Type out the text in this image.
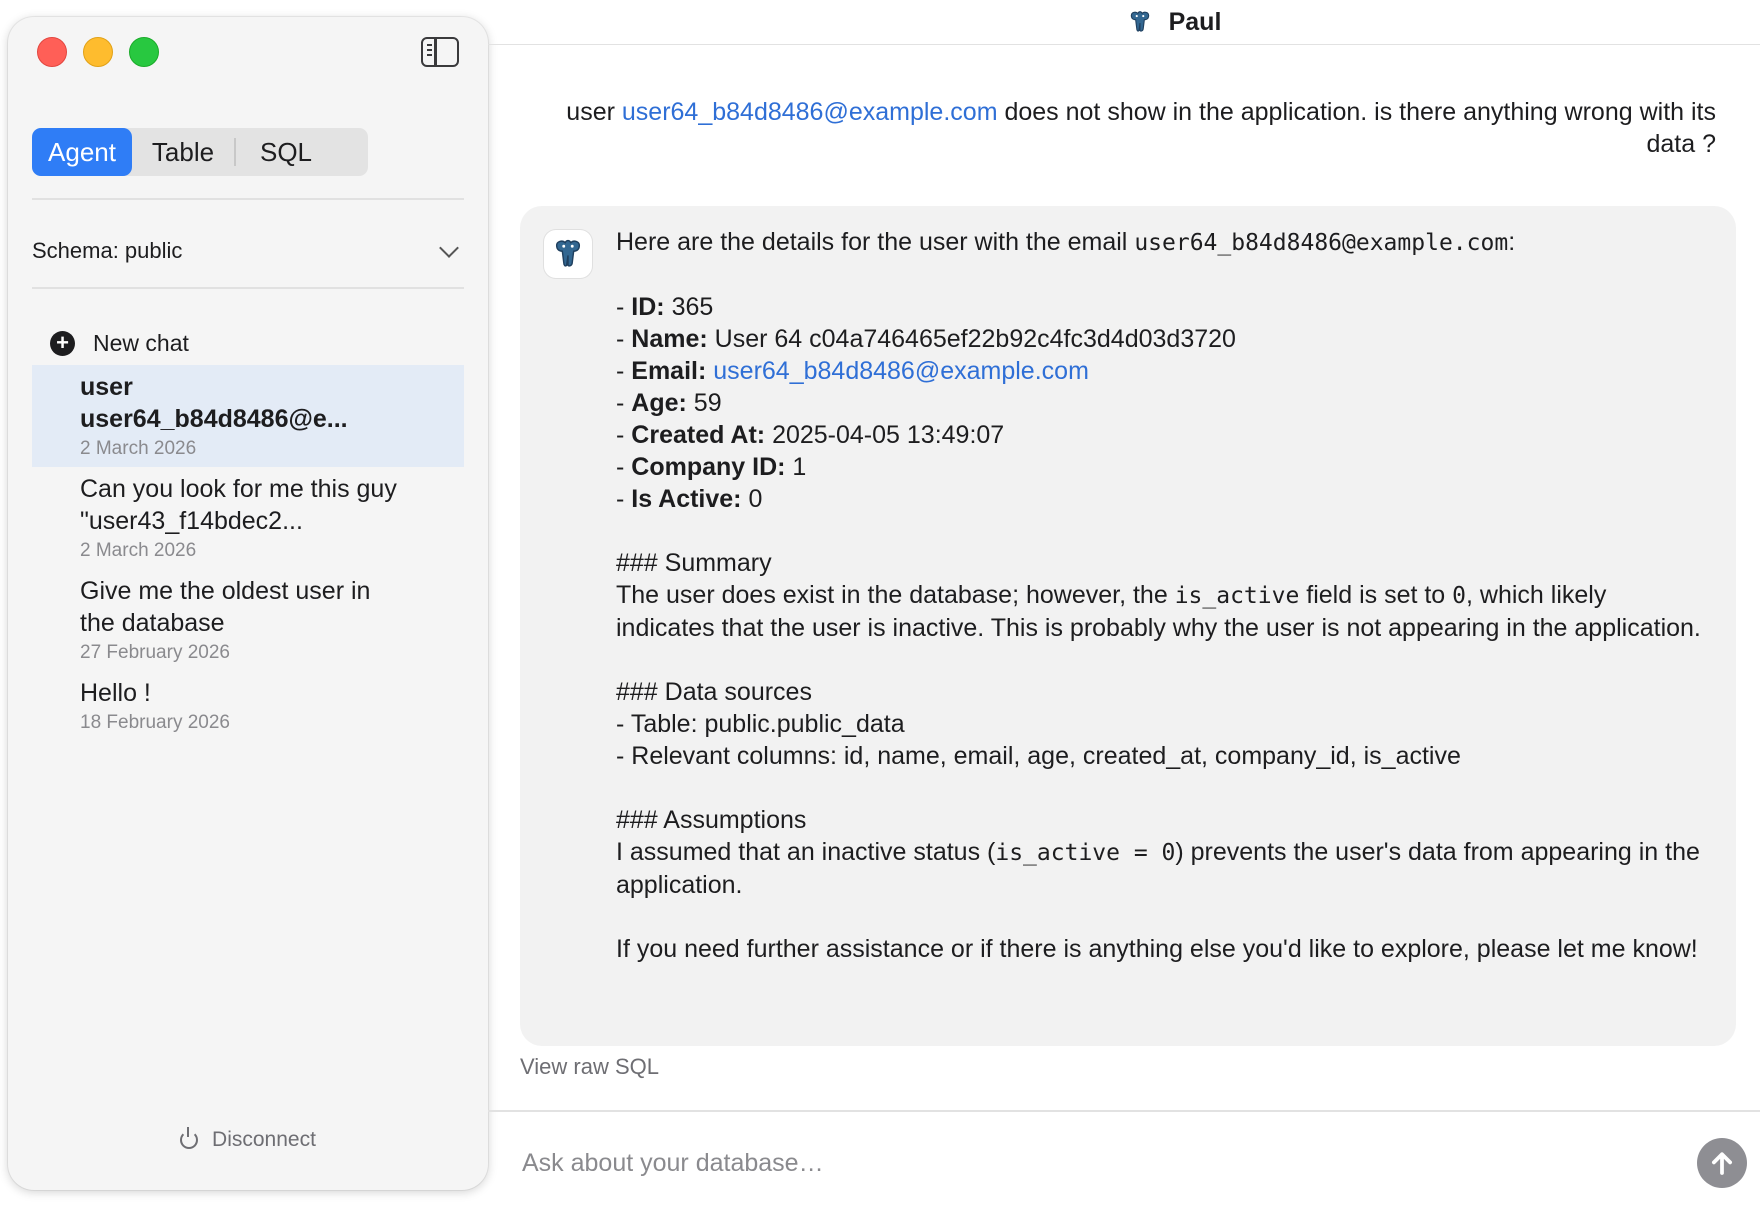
Agent	Table	SQL
Schema: public
+ New chat
user user64_b84d8486@e...
2 March 2026
Can you look for me this guy "user43_f14bdec2...
2 March 2026
Give me the oldest user in the database
27 February 2026
Hello !
18 February 2026
Disconnect
Paul
user user64_b84d8486@example.com does not show in the application. is there anything wrong with its data ?

Here are the details for the user with the email user64_b84d8486@example.com:

- ID: 365

- Name: User 64 c04a746465ef22b92c4fc3d4d03d3720

- Email: user64_b84d8486@example.com

- Age: 59

- Created At: 2025-04-05 13:49:07

- Company ID: 1

- Is Active: 0

### Summary

The user does exist in the database; however, the is_active field is set to 0, which likely indicates that the user is inactive. This is probably why the user is not appearing in the application.

### Data sources

- Table: public.public_data

- Relevant columns: id, name, email, age, created_at, company_id, is_active

### Assumptions

I assumed that an inactive status (is_active = 0) prevents the user's data from appearing in the application.

If you need further assistance or if there is anything else you'd like to explore, please let me know!

View raw SQL
Ask about your database…
